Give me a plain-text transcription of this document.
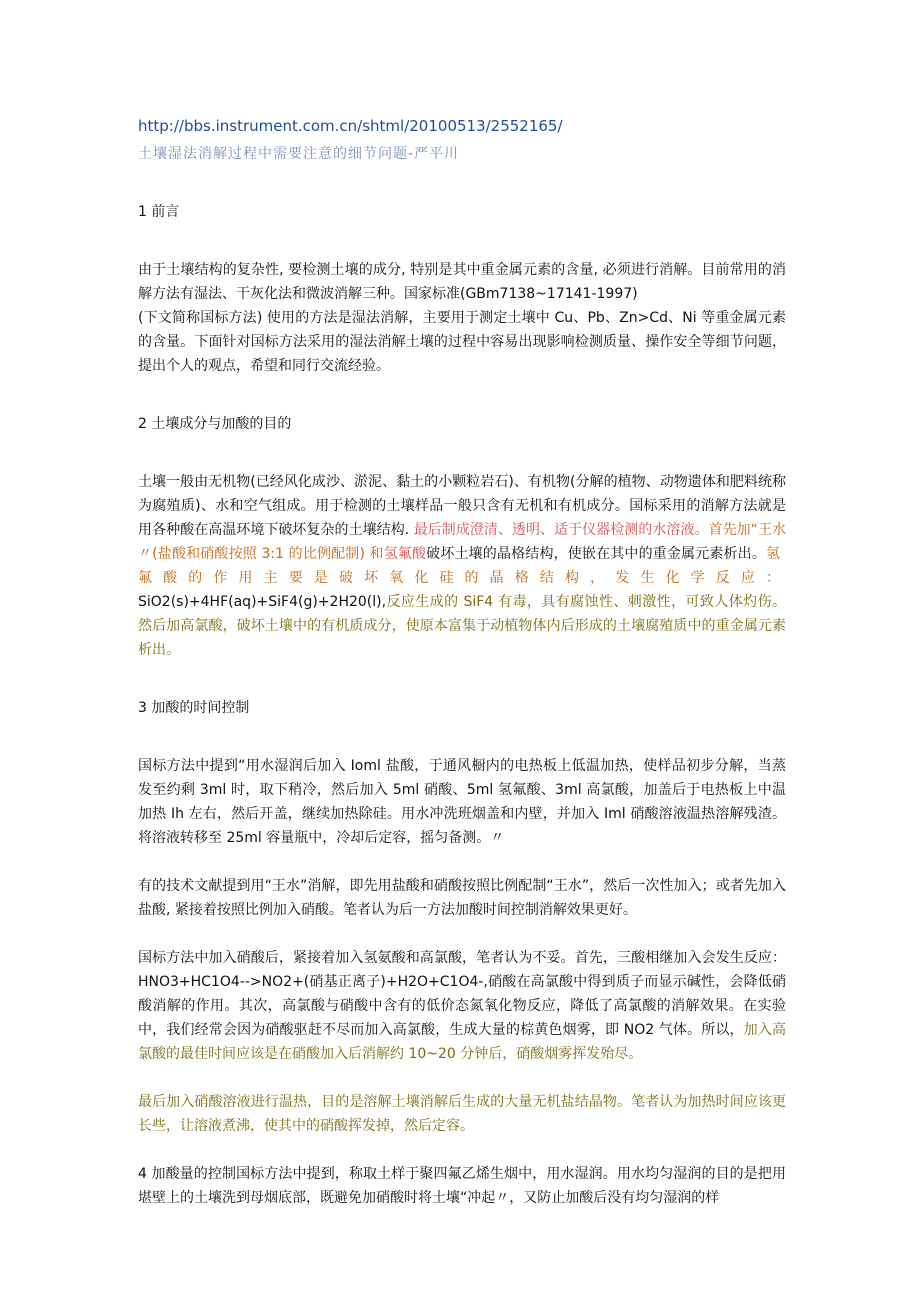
http://bbs.instrument.com.cn/shtml/20100513/2552165/
土壤湿法消解过程中需要注意的细节问题-严平川
1 前言
由于土壤结构的复杂性, 要检测土壤的成分, 特别是其中重金属元素的含量, 必须进行消解。目前常用的消解方法有湿法、干灰化法和微波消解三种。国家标准(GBm7138~17141-1997)
(下文简称国标方法) 使用的方法是湿法消解，主要用于测定土壤中 Cu、Pb、Zn>Cd、Ni 等重金属元素的含量。下面针对国标方法采用的湿法消解土壤的过程中容易出现影响检测质量、操作安全等细节问题，提出个人的观点，希望和同行交流经验。
2 土壤成分与加酸的目的
土壤一般由无机物(已经风化成沙、淤泥、黏土的小颗粒岩石)、有机物(分解的植物、动物遗体和肥料统称为腐殖质)、水和空气组成。用于检测的土壤样品一般只含有无机和有机成分。国标采用的消解方法就是用各种酸在高温环境下破坏复杂的土壤结构. 最后制成澄清、透明、适于仪器检测的水溶液。首先加“王水〃(盐酸和硝酸按照 3:1 的比例配制) 和氢氟酸破坏土壤的晶格结构，使嵌在其中的重金属元素析出。氢氟酸的作用主要是破坏氧化硅的晶格结构，发生化学反应：SiO2(s)+4HF(aq)+SiF4(g)+2H20(l),反应生成的 SiF4 有毒，具有腐蚀性、刺激性，可致人体灼伤。然后加高氯酸，破坏土壤中的有机质成分，使原本富集于动植物体内后形成的土壤腐殖质中的重金属元素析出。
3 加酸的时间控制
国标方法中提到“用水湿润后加入 Ioml 盐酸，于通风橱内的电热板上低温加热，使样品初步分解，当蒸发至约剩 3ml 时，取下稍冷，然后加入 5ml 硝酸、5ml 氢氟酸、3ml 高氯酸，加盖后于电热板上中温加热 Ih 左右，然后开盖，继续加热除硅。用水冲洗班烟盖和内壁，并加入 Iml 硝酸溶液温热溶解残渣。将溶液转移至 25ml 容量瓶中，冷却后定容，摇匀备测。〃
有的技术文献提到用“王水”消解，即先用盐酸和硝酸按照比例配制“王水”，然后一次性加入；或者先加入盐酸, 紧接着按照比例加入硝酸。笔者认为后一方法加酸时间控制消解效果更好。
国标方法中加入硝酸后，紧接着加入氢氨酸和高氯酸，笔者认为不妥。首先，三酸相继加入会发生反应：HNO3+HC1O4-->NO2+(硝基正离子)+H2O+C1O4-,硝酸在高氯酸中得到质子而显示碱性，会降低硝酸消解的作用。其次，高氯酸与硝酸中含有的低价态氮氧化物反应，降低了高氯酸的消解效果。在实验中，我们经常会因为硝酸驱赶不尽而加入高氯酸，生成大量的棕黄色烟雾，即 NO2 气体。所以，加入高氯酸的最佳时间应该是在硝酸加入后消解约 10~20 分钟后，硝酸烟雾挥发殆尽。
最后加入硝酸溶液进行温热，目的是溶解土壤消解后生成的大量无机盐结晶物。笔者认为加热时间应该更长些，让溶液煮沸，使其中的硝酸挥发掉，然后定容。
4 加酸量的控制国标方法中提到，称取土样于聚四氟乙烯生烟中，用水湿润。用水均匀湿润的目的是把用堪壁上的土壤洗到母烟底部，既避免加硝酸时将土壤“冲起〃，又防止加酸后没有均匀湿润的样
